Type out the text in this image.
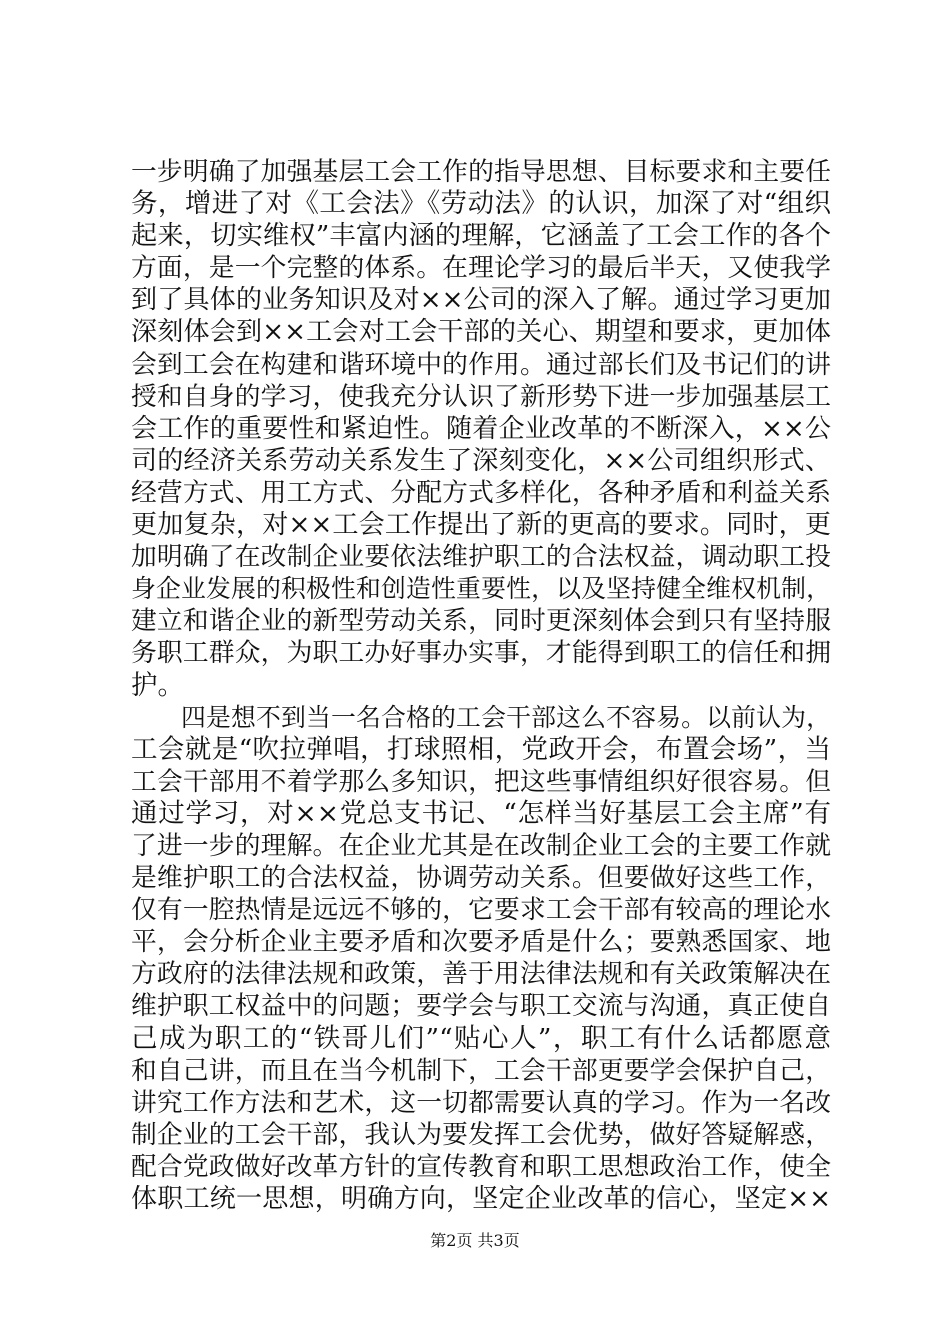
一步明确了加强基层工会工作的指导思想、目标要求和主要任
务，增进了对《工会法》《劳动法》的认识，加深了对“组织
起来，切实维权”丰富内涵的理解，它涵盖了工会工作的各个
方面，是一个完整的体系。在理论学习的最后半天，又使我学
到了具体的业务知识及对××公司的深入了解。通过学习更加
深刻体会到××工会对工会干部的关心、期望和要求，更加体
会到工会在构建和谐环境中的作用。通过部长们及书记们的讲
授和自身的学习，使我充分认识了新形势下进一步加强基层工
会工作的重要性和紧迫性。随着企业改革的不断深入，××公
司的经济关系劳动关系发生了深刻变化，××公司组织形式、
经营方式、用工方式、分配方式多样化，各种矛盾和利益关系
更加复杂，对××工会工作提出了新的更高的要求。同时，更
加明确了在改制企业要依法维护职工的合法权益，调动职工投
身企业发展的积极性和创造性重要性，以及坚持健全维权机制，
建立和谐企业的新型劳动关系，同时更深刻体会到只有坚持服
务职工群众，为职工办好事办实事，才能得到职工的信任和拥
护。
　　四是想不到当一名合格的工会干部这么不容易。以前认为，
工会就是“吹拉弹唱，打球照相，党政开会，布置会场”，当
工会干部用不着学那么多知识，把这些事情组织好很容易。但
通过学习，对××党总支书记、“怎样当好基层工会主席”有
了进一步的理解。在企业尤其是在改制企业工会的主要工作就
是维护职工的合法权益，协调劳动关系。但要做好这些工作，
仅有一腔热情是远远不够的，它要求工会干部有较高的理论水
平，会分析企业主要矛盾和次要矛盾是什么；要熟悉国家、地
方政府的法律法规和政策，善于用法律法规和有关政策解决在
维护职工权益中的问题；要学会与职工交流与沟通，真正使自
己成为职工的“铁哥儿们”“贴心人”，职工有什么话都愿意
和自己讲，而且在当今机制下，工会干部更要学会保护自己，
讲究工作方法和艺术，这一切都需要认真的学习。作为一名改
制企业的工会干部，我认为要发挥工会优势，做好答疑解惑，
配合党政做好改革方针的宣传教育和职工思想政治工作，使全
体职工统一思想，明确方向，坚定企业改革的信心，坚定××
第2页 共3页
